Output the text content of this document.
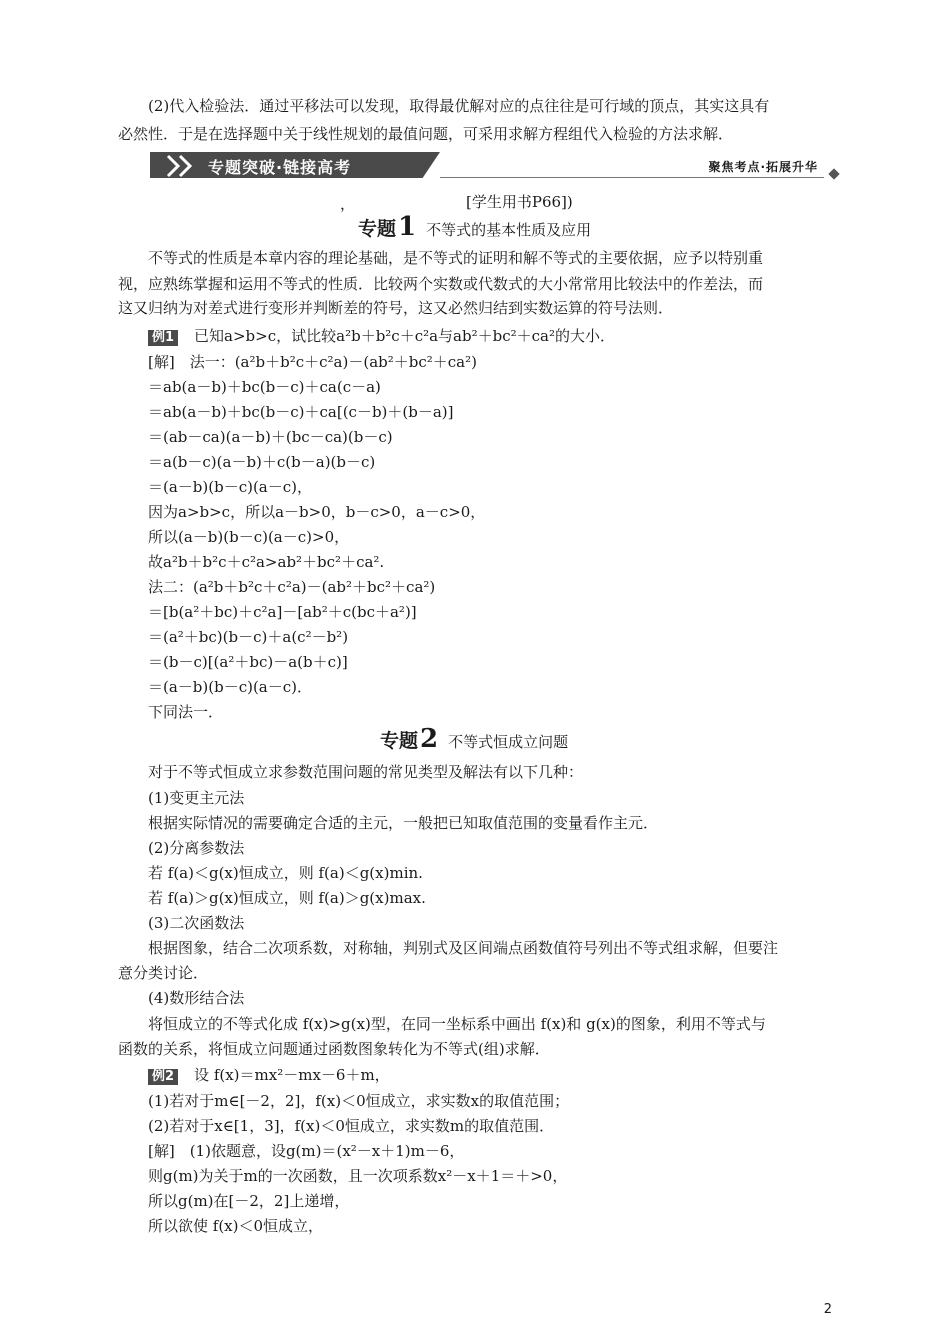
(2)代入检验法．通过平移法可以发现，取得最优解对应的点往往是可行域的顶点，其实这具有
必然性．于是在选择题中关于线性规划的最值问题，可采用求解方程组代入检验的方法求解．
专题突破·链接高考	聚焦考点·拓展升华
，	[学生用书P66])
专题1 不等式的基本性质及应用
不等式的性质是本章内容的理论基础，是不等式的证明和解不等式的主要依据，应予以特别重
视，应熟练掌握和运用不等式的性质．比较两个实数或代数式的大小常常用比较法中的作差法，而
这又归纳为对差式进行变形并判断差的符号，这又必然归结到实数运算的符号法则．
例1 已知a>b>c，试比较a²b＋b²c＋c²a与ab²＋bc²＋ca²的大小．
[解]　法一：(a²b＋b²c＋c²a)－(ab²＋bc²＋ca²)
＝ab(a－b)＋bc(b－c)＋ca(c－a)
＝ab(a－b)＋bc(b－c)＋ca[(c－b)＋(b－a)]
＝(ab－ca)(a－b)＋(bc－ca)(b－c)
＝a(b－c)(a－b)＋c(b－a)(b－c)
＝(a－b)(b－c)(a－c)，
因为a>b>c，所以a－b>0，b－c>0，a－c>0，
所以(a－b)(b－c)(a－c)>0，
故a²b＋b²c＋c²a>ab²＋bc²＋ca².
法二：(a²b＋b²c＋c²a)－(ab²＋bc²＋ca²)
＝[b(a²＋bc)＋c²a]－[ab²＋c(bc＋a²)]
＝(a²＋bc)(b－c)＋a(c²－b²)
＝(b－c)[(a²＋bc)－a(b＋c)]
＝(a－b)(b－c)(a－c)．
下同法一．
专题2 不等式恒成立问题
对于不等式恒成立求参数范围问题的常见类型及解法有以下几种：
(1)变更主元法
根据实际情况的需要确定合适的主元，一般把已知取值范围的变量看作主元．
(2)分离参数法
若 f(a)＜g(x)恒成立，则 f(a)＜g(x)min.
若 f(a)＞g(x)恒成立，则 f(a)＞g(x)max.
(3)二次函数法
根据图象，结合二次项系数，对称轴，判别式及区间端点函数值符号列出不等式组求解，但要注
意分类讨论．
(4)数形结合法
将恒成立的不等式化成 f(x)>g(x)型，在同一坐标系中画出 f(x)和 g(x)的图象，利用不等式与
函数的关系，将恒成立问题通过函数图象转化为不等式(组)求解．
例2 设 f(x)＝mx²－mx－6＋m，
(1)若对于m∈[－2，2]，f(x)＜0恒成立，求实数x的取值范围；
(2)若对于x∈[1，3]，f(x)＜0恒成立，求实数m的取值范围．
[解]　(1)依题意，设g(m)＝(x²－x＋1)m－6，
则g(m)为关于m的一次函数，且一次项系数x²－x＋1＝＋>0，
所以g(m)在[－2，2]上递增，
所以欲使 f(x)＜0恒成立，
2
